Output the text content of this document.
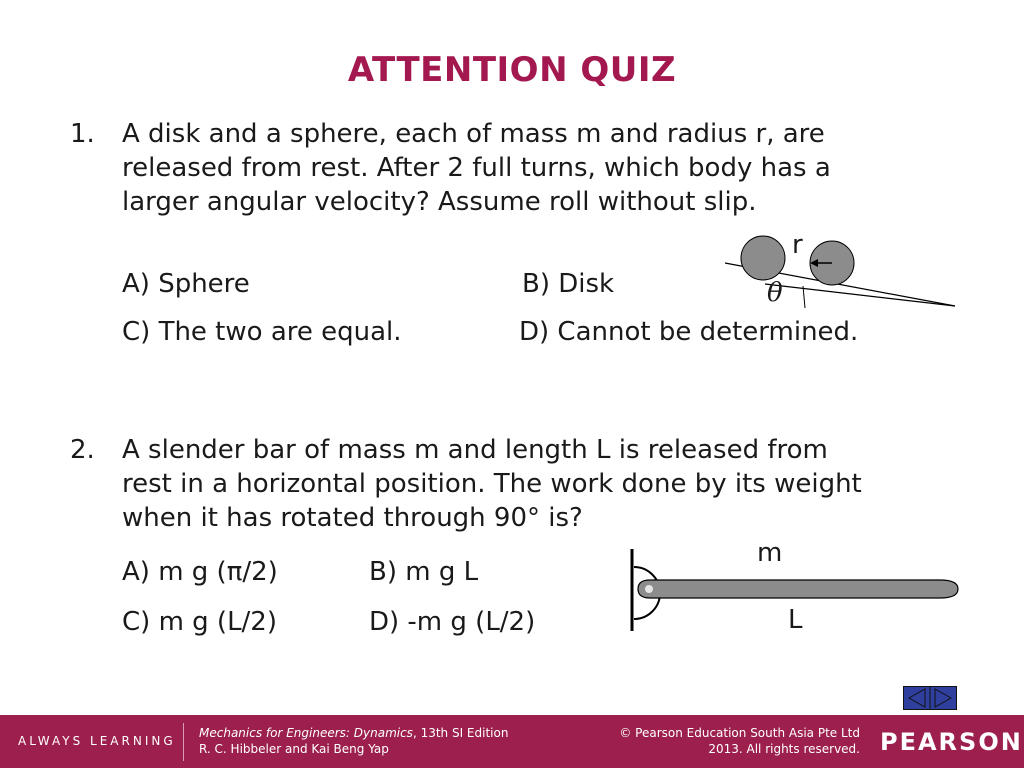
ATTENTION QUIZ
1. A disk and a sphere, each of mass m and radius r, are
released from rest. After 2 full turns, which body has a
larger angular velocity? Assume roll without slip.
A) Sphere	B) Disk
C) The two are equal.	D) Cannot be determined.
r
θ
2. A slender bar of mass m and length L is released from
rest in a horizontal position. The work done by its weight
when it has rotated through 90° is?
A) m g (π/2)	B) m g L
C) m g (L/2)	D) -m g (L/2)
m
L
ALWAYS LEARNING
Mechanics for Engineers: Dynamics, 13th SI Edition
R. C. Hibbeler and Kai Beng Yap
© Pearson Education South Asia Pte Ltd
2013. All rights reserved. PEARSON
